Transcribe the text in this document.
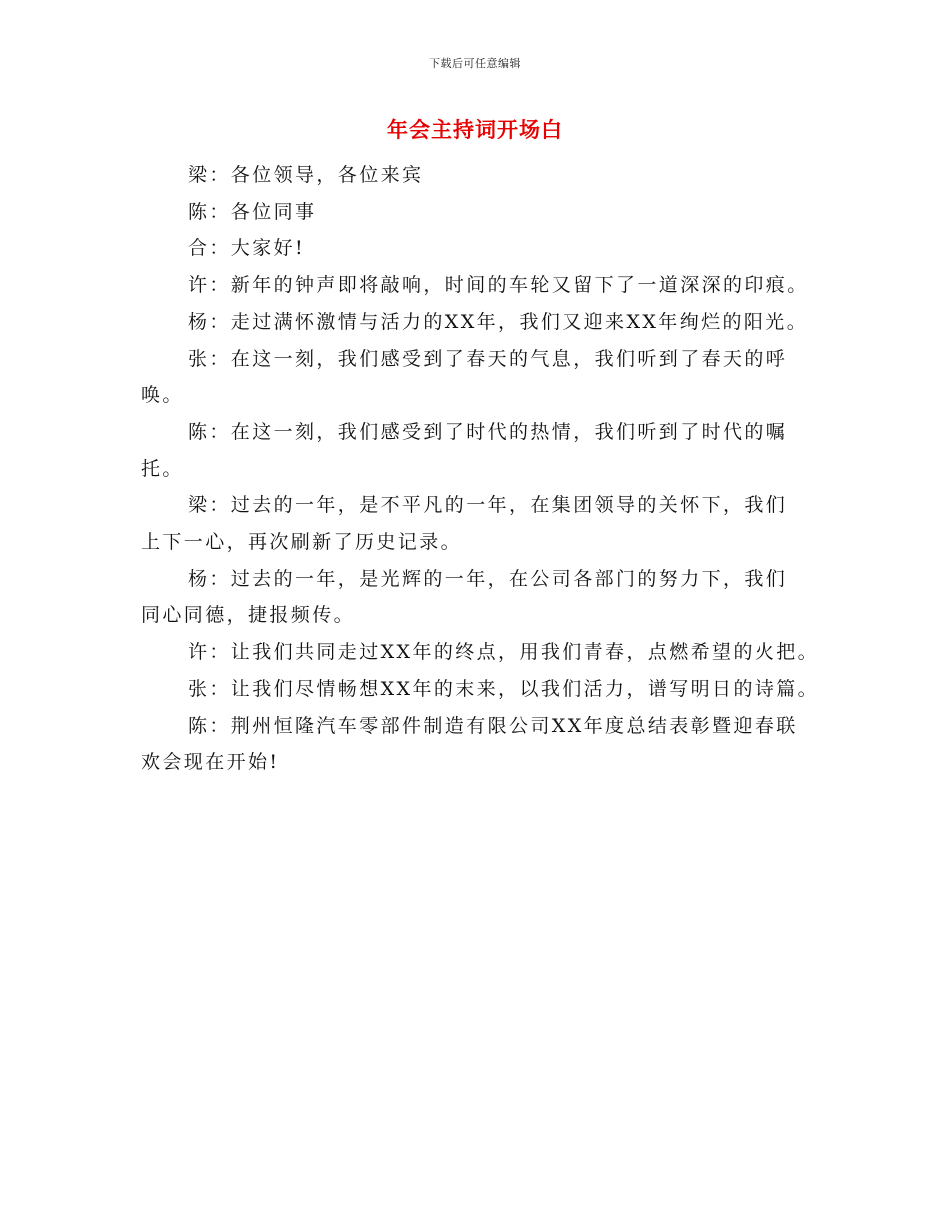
下载后可任意编辑
年会主持词开场白

梁：各位领导，各位来宾

陈：各位同事

合：大家好!

许：新年的钟声即将敲响，时间的车轮又留下了一道深深的印痕。

杨：走过满怀激情与活力的XX年，我们又迎来XX年绚烂的阳光。

张：在这一刻，我们感受到了春天的气息，我们听到了春天的呼
唤。

陈：在这一刻，我们感受到了时代的热情，我们听到了时代的嘱
托。

梁：过去的一年，是不平凡的一年，在集团领导的关怀下，我们
上下一心，再次刷新了历史记录。

杨：过去的一年，是光辉的一年，在公司各部门的努力下，我们
同心同德，捷报频传。

许：让我们共同走过XX年的终点，用我们青春，点燃希望的火把。

张：让我们尽情畅想XX年的末来，以我们活力，谱写明日的诗篇。

陈：荆州恒隆汽车零部件制造有限公司XX年度总结表彰暨迎春联
欢会现在开始!
